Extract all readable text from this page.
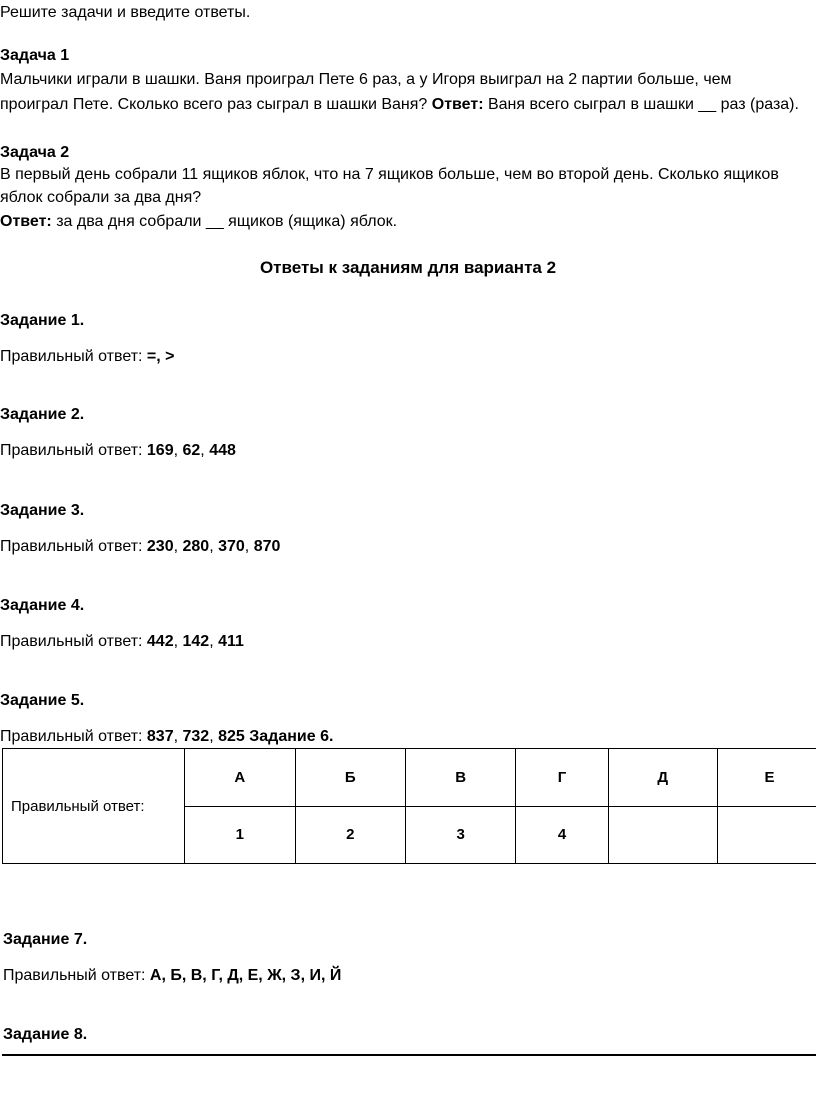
Решите задачи и введите ответы.
Задача 1
Мальчики играли в шашки. Ваня проиграл Пете 6 раз, а у Игоря выиграл на 2 партии больше, чем
проиграл Пете. Сколько всего раз сыграл в шашки Ваня? Ответ: Ваня всего сыграл в шашки __ раз (раза).
Задача 2
В первый день собрали 11 ящиков яблок, что на 7 ящиков больше, чем во второй день. Сколько ящиков
яблок собрали за два дня?
Ответ: за два дня собрали __ ящиков (ящика) яблок.
Ответы к заданиям для варианта 2
Задание 1.
Правильный ответ: =, >
Задание 2.
Правильный ответ: 169, 62, 448
Задание 3.
Правильный ответ: 230, 280, 370, 870
Задание 4.
Правильный ответ: 442, 142, 411
Задание 5.
Правильный ответ: 837, 732, 825 Задание 6.
Правильный ответ:	А	Б	В	Г	Д	Е
	1	2	3	4		
Задание 7.
Правильный ответ: А, Б, В, Г, Д, Е, Ж, З, И, Й
Задание 8.
